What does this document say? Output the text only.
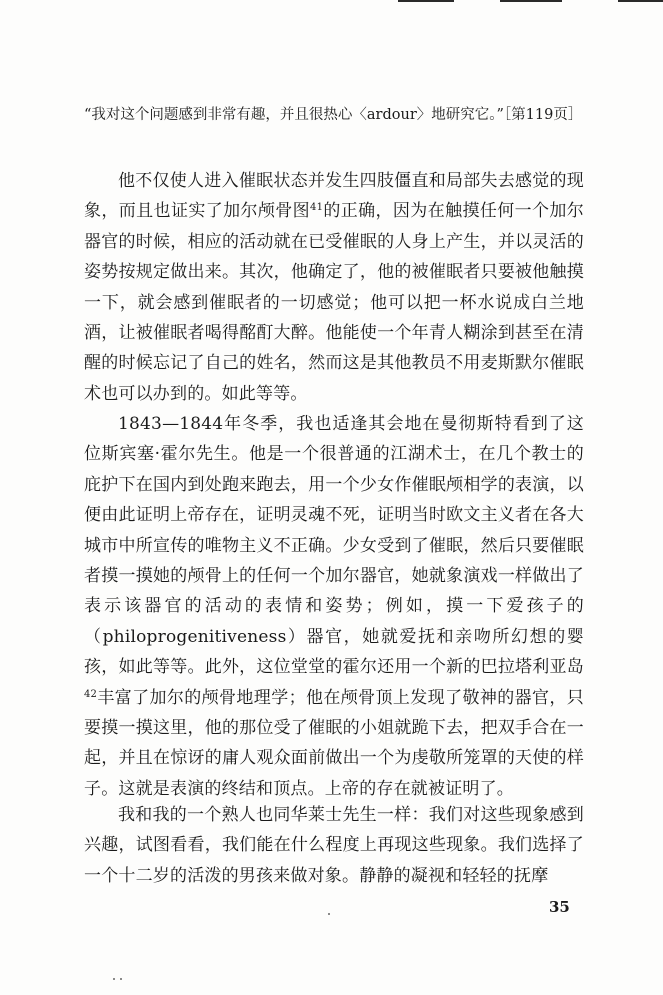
“我对这个问题感到非常有趣，并且很热心〈ardour〉地研究它。”［第119页］
他不仅使人进入催眠状态并发生四肢僵直和局部失去感觉的现象，而且也证实了加尔颅骨图$^{41}$的正确，因为在触摸任何一个加尔器官的时候，相应的活动就在已受催眠的人身上产生，并以灵活的姿势按规定做出来。其次，他确定了，他的被催眠者只要被他触摸一下，就会感到催眠者的一切感觉；他可以把一杯水说成白兰地酒，让被催眠者喝得酩酊大醉。他能使一个年青人糊涂到甚至在清醒的时候忘记了自己的姓名，然而这是其他教员不用麦斯默尔催眠术也可以办到的。如此等等。
1843—1844年冬季，我也适逢其会地在曼彻斯特看到了这位斯宾塞·霍尔先生。他是一个很普通的江湖术士，在几个教士的庇护下在国内到处跑来跑去，用一个少女作催眠颅相学的表演，以便由此证明上帝存在，证明灵魂不死，证明当时欧文主义者在各大城市中所宣传的唯物主义不正确。少女受到了催眠，然后只要催眠者摸一摸她的颅骨上的任何一个加尔器官，她就象演戏一样做出了表示该器官的活动的表情和姿势；例如，摸一下爱孩子的（philoprogenitiveness）器官，她就爱抚和亲吻所幻想的婴孩，如此等等。此外，这位堂堂的霍尔还用一个新的巴拉塔利亚岛$^{42}$丰富了加尔的颅骨地理学；他在颅骨顶上发现了敬神的器官，只要摸一摸这里，他的那位受了催眠的小姐就跪下去，把双手合在一起，并且在惊讶的庸人观众面前做出一个为虔敬所笼罩的天使的样子。这就是表演的终结和顶点。上帝的存在就被证明了。
我和我的一个熟人也同华莱士先生一样：我们对这些现象感到兴趣，试图看看，我们能在什么程度上再现这些现象。我们选择了一个十二岁的活泼的男孩来做对象。静静的凝视和轻轻的抚摩
35
